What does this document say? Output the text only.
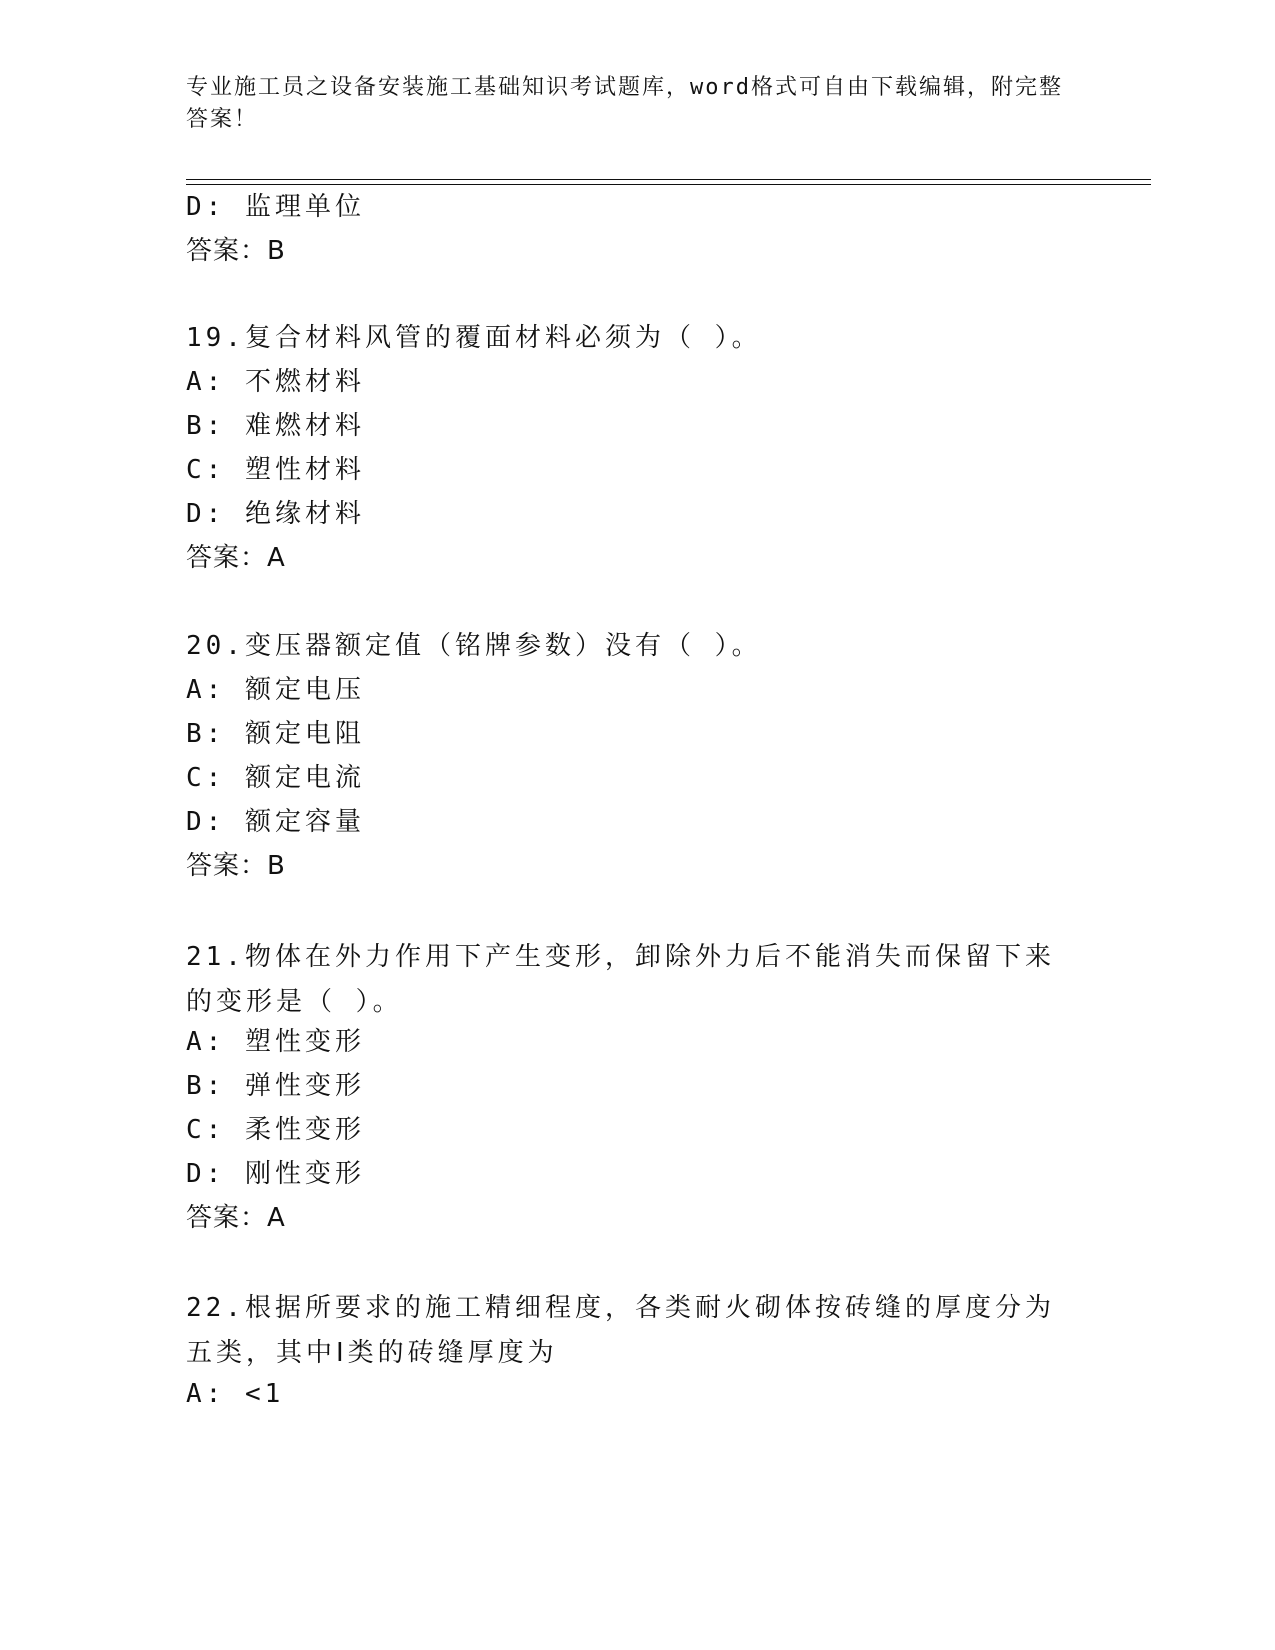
专业施工员之设备安装施工基础知识考试题库，word格式可自由下载编辑，附完整答案！
D: 监理单位
答案：B
19.复合材料风管的覆面材料必须为（ ）。
A: 不燃材料
B: 难燃材料
C: 塑性材料
D: 绝缘材料
答案：A
20.变压器额定值（铭牌参数）没有（ ）。
A: 额定电压
B: 额定电阻
C: 额定电流
D: 额定容量
答案：B
21.物体在外力作用下产生变形，卸除外力后不能消失而保留下来的变形是（ ）。
A: 塑性变形
B: 弹性变形
C: 柔性变形
D: 刚性变形
答案：A
22.根据所要求的施工精细程度，各类耐火砌体按砖缝的厚度分为五类，其中Ⅰ类的砖缝厚度为
A: <1
